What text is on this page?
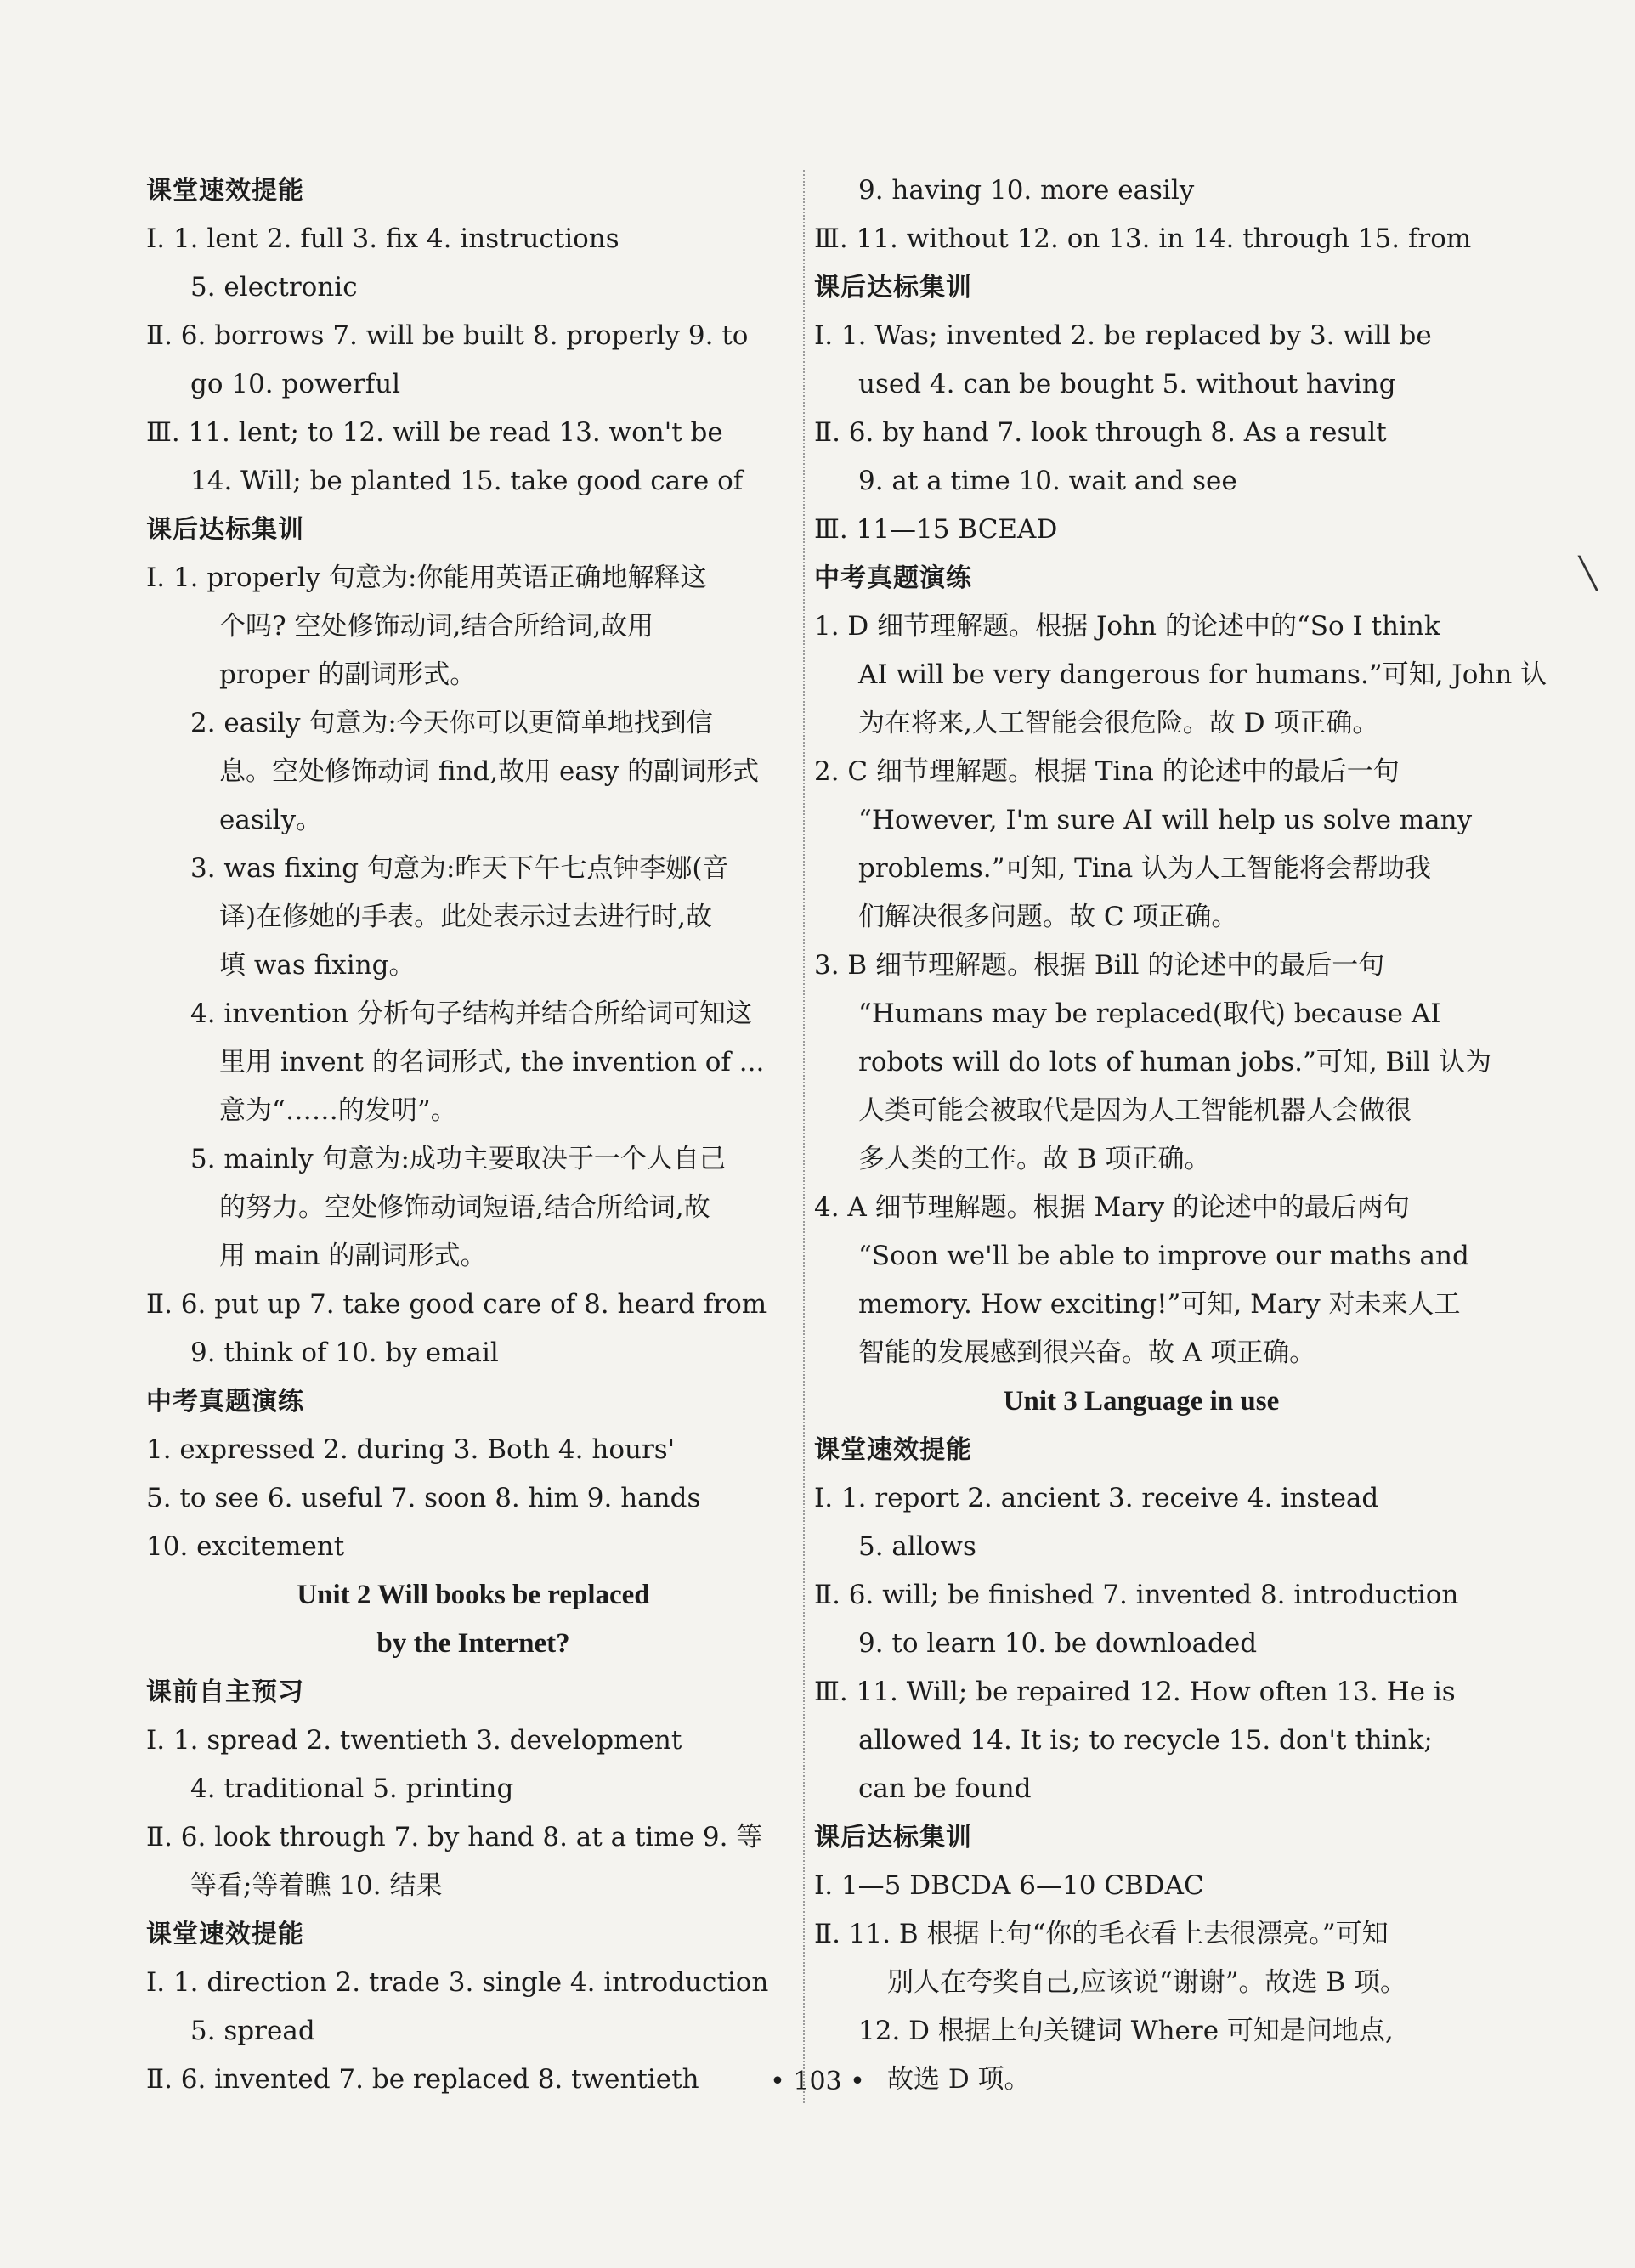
课堂速效提能
Ⅰ. 1. lent 2. full 3. fix 4. instructions
5. electronic
Ⅱ. 6. borrows 7. will be built 8. properly 9. to
go 10. powerful
Ⅲ. 11. lent; to 12. will be read 13. won't be
14. Will; be planted 15. take good care of
课后达标集训
Ⅰ. 1. properly 句意为:你能用英语正确地解释这
个吗? 空处修饰动词,结合所给词,故用
proper 的副词形式。
2. easily 句意为:今天你可以更简单地找到信
息。空处修饰动词 find,故用 easy 的副词形式
easily。
3. was fixing 句意为:昨天下午七点钟李娜(音
译)在修她的手表。此处表示过去进行时,故
填 was fixing。
4. invention 分析句子结构并结合所给词可知这
里用 invent 的名词形式, the invention of ...
意为“……的发明”。
5. mainly 句意为:成功主要取决于一个人自己
的努力。空处修饰动词短语,结合所给词,故
用 main 的副词形式。
Ⅱ. 6. put up 7. take good care of 8. heard from
9. think of 10. by email
中考真题演练
1. expressed 2. during 3. Both 4. hours'
5. to see 6. useful 7. soon 8. him 9. hands
10. excitement
Unit 2 Will books be replaced
by the Internet?
课前自主预习
Ⅰ. 1. spread 2. twentieth 3. development
4. traditional 5. printing
Ⅱ. 6. look through 7. by hand 8. at a time 9. 等
等看;等着瞧 10. 结果
课堂速效提能
Ⅰ. 1. direction 2. trade 3. single 4. introduction
5. spread
Ⅱ. 6. invented 7. be replaced 8. twentieth
9. having 10. more easily
Ⅲ. 11. without 12. on 13. in 14. through 15. from
课后达标集训
Ⅰ. 1. Was; invented 2. be replaced by 3. will be
used 4. can be bought 5. without having
Ⅱ. 6. by hand 7. look through 8. As a result
9. at a time 10. wait and see
Ⅲ. 11—15 BCEAD
中考真题演练
1. D 细节理解题。根据 John 的论述中的“So I think
AI will be very dangerous for humans.”可知, John 认
为在将来,人工智能会很危险。故 D 项正确。
2. C 细节理解题。根据 Tina 的论述中的最后一句
“However, I'm sure AI will help us solve many
problems.”可知, Tina 认为人工智能将会帮助我
们解决很多问题。故 C 项正确。
3. B 细节理解题。根据 Bill 的论述中的最后一句
“Humans may be replaced(取代) because AI
robots will do lots of human jobs.”可知, Bill 认为
人类可能会被取代是因为人工智能机器人会做很
多人类的工作。故 B 项正确。
4. A 细节理解题。根据 Mary 的论述中的最后两句
“Soon we'll be able to improve our maths and
memory. How exciting!”可知, Mary 对未来人工
智能的发展感到很兴奋。故 A 项正确。
Unit 3 Language in use
课堂速效提能
Ⅰ. 1. report 2. ancient 3. receive 4. instead
5. allows
Ⅱ. 6. will; be finished 7. invented 8. introduction
9. to learn 10. be downloaded
Ⅲ. 11. Will; be repaired 12. How often 13. He is
allowed 14. It is; to recycle 15. don't think;
can be found
课后达标集训
Ⅰ. 1—5 DBCDA 6—10 CBDAC
Ⅱ. 11. B 根据上句“你的毛衣看上去很漂亮。”可知
别人在夸奖自己,应该说“谢谢”。故选 B 项。
12. D 根据上句关键词 Where 可知是问地点,
故选 D 项。
• 103 •
╲
